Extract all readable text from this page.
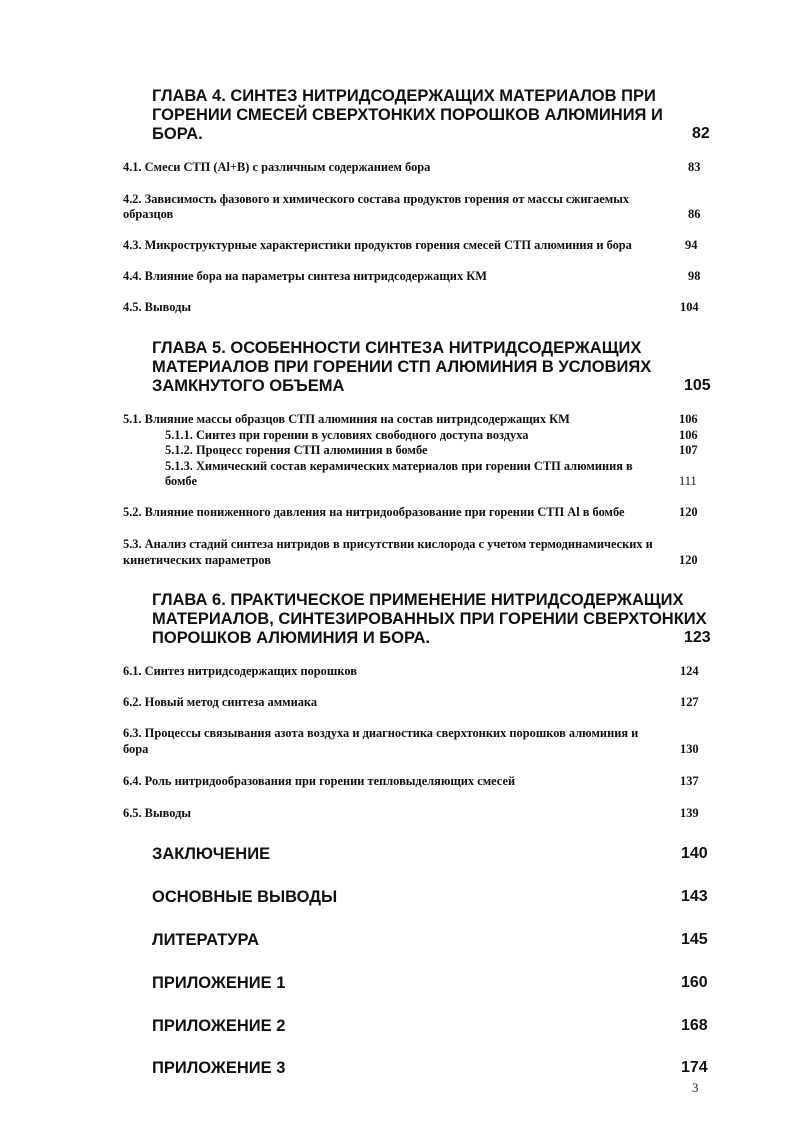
ГЛАВА 4. СИНТЕЗ НИТРИДСОДЕРЖАЩИХ МАТЕРИАЛОВ ПРИ
ГОРЕНИИ СМЕСЕЙ СВЕРХТОНКИХ ПОРОШКОВ АЛЮМИНИЯ И
БОРА.	82
4.1. Смеси СТП (Al+B) с различным содержанием бора	83
4.2. Зависимость фазового и химического состава продуктов горения от массы сжигаемых
образцов	86
4.3. Микроструктурные характеристики продуктов горения смесей СТП алюминия и бора	94
4.4. Влияние бора на параметры синтеза нитридсодержащих КМ	98
4.5. Выводы	104
ГЛАВА 5. ОСОБЕННОСТИ СИНТЕЗА НИТРИДСОДЕРЖАЩИХ
МАТЕРИАЛОВ ПРИ ГОРЕНИИ СТП АЛЮМИНИЯ В УСЛОВИЯХ
ЗАМКНУТОГО ОБЪЕМА	105
5.1. Влияние массы образцов СТП алюминия на состав нитридсодержащих КМ	106
5.1.1. Синтез при горении в условиях свободного доступа воздуха	106
5.1.2. Процесс горения СТП алюминия в бомбе	107
5.1.3. Химический состав керамических материалов при горении СТП алюминия в
бомбе	111
5.2. Влияние пониженного давления на нитридообразование при горении СТП Al в бомбе	120
5.3. Анализ стадий синтеза нитридов в присутствии кислорода с учетом термодинамических и
кинетических параметров	120
ГЛАВА 6. ПРАКТИЧЕСКОЕ ПРИМЕНЕНИЕ НИТРИДСОДЕРЖАЩИХ
МАТЕРИАЛОВ, СИНТЕЗИРОВАННЫХ ПРИ ГОРЕНИИ СВЕРХТОНКИХ
ПОРОШКОВ АЛЮМИНИЯ И БОРА.	123
6.1. Синтез нитридсодержащих порошков	124
6.2. Новый метод синтеза аммиака	127
6.3. Процессы связывания азота воздуха и диагностика сверхтонких порошков алюминия и
бора	130
6.4. Роль нитридообразования при горении тепловыделяющих смесей	137
6.5. Выводы	139
ЗАКЛЮЧЕНИЕ	140
ОСНОВНЫЕ ВЫВОДЫ	143
ЛИТЕРАТУРА	145
ПРИЛОЖЕНИЕ 1	160
ПРИЛОЖЕНИЕ 2	168
ПРИЛОЖЕНИЕ 3	174
3
